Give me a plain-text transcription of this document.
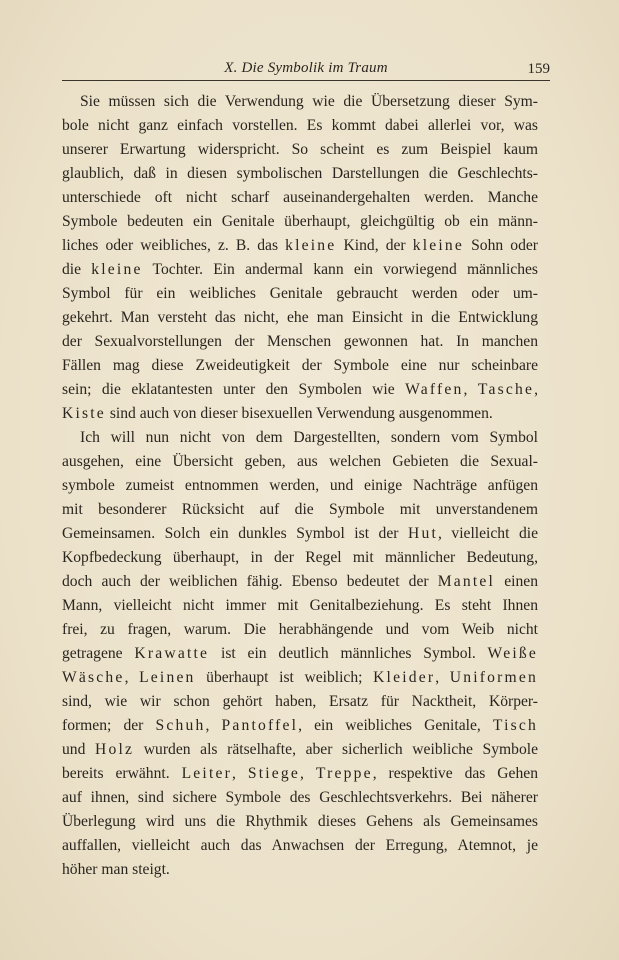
X. Die Symbolik im Traum	159
Sie müssen sich die Verwendung wie die Übersetzung dieser Sym-
bole nicht ganz einfach vorstellen. Es kommt dabei allerlei vor, was
unserer Erwartung widerspricht. So scheint es zum Beispiel kaum
glaublich, daß in diesen symbolischen Darstellungen die Geschlechts-
unterschiede oft nicht scharf auseinandergehalten werden. Manche
Symbole bedeuten ein Genitale überhaupt, gleichgültig ob ein männ-
liches oder weibliches, z. B. das kleine Kind, der kleine Sohn oder
die kleine Tochter. Ein andermal kann ein vorwiegend männliches
Symbol für ein weibliches Genitale gebraucht werden oder um-
gekehrt. Man versteht das nicht, ehe man Einsicht in die Entwicklung
der Sexualvorstellungen der Menschen gewonnen hat. In manchen
Fällen mag diese Zweideutigkeit der Symbole eine nur scheinbare
sein; die eklatantesten unter den Symbolen wie Waffen, Tasche,
Kiste sind auch von dieser bisexuellen Verwendung ausgenommen.
Ich will nun nicht von dem Dargestellten, sondern vom Symbol
ausgehen, eine Übersicht geben, aus welchen Gebieten die Sexual-
symbole zumeist entnommen werden, und einige Nachträge anfügen
mit besonderer Rücksicht auf die Symbole mit unverstandenem
Gemeinsamen. Solch ein dunkles Symbol ist der Hut, vielleicht die
Kopfbedeckung überhaupt, in der Regel mit männlicher Bedeutung,
doch auch der weiblichen fähig. Ebenso bedeutet der Mantel einen
Mann, vielleicht nicht immer mit Genitalbeziehung. Es steht Ihnen
frei, zu fragen, warum. Die herabhängende und vom Weib nicht
getragene Krawatte ist ein deutlich männliches Symbol. Weiße
Wäsche, Leinen überhaupt ist weiblich; Kleider, Uniformen
sind, wie wir schon gehört haben, Ersatz für Nacktheit, Körper-
formen; der Schuh, Pantoffel, ein weibliches Genitale, Tisch
und Holz wurden als rätselhafte, aber sicherlich weibliche Symbole
bereits erwähnt. Leiter, Stiege, Treppe, respektive das Gehen
auf ihnen, sind sichere Symbole des Geschlechtsverkehrs. Bei näherer
Überlegung wird uns die Rhythmik dieses Gehens als Gemeinsames
auffallen, vielleicht auch das Anwachsen der Erregung, Atemnot, je
höher man steigt.
